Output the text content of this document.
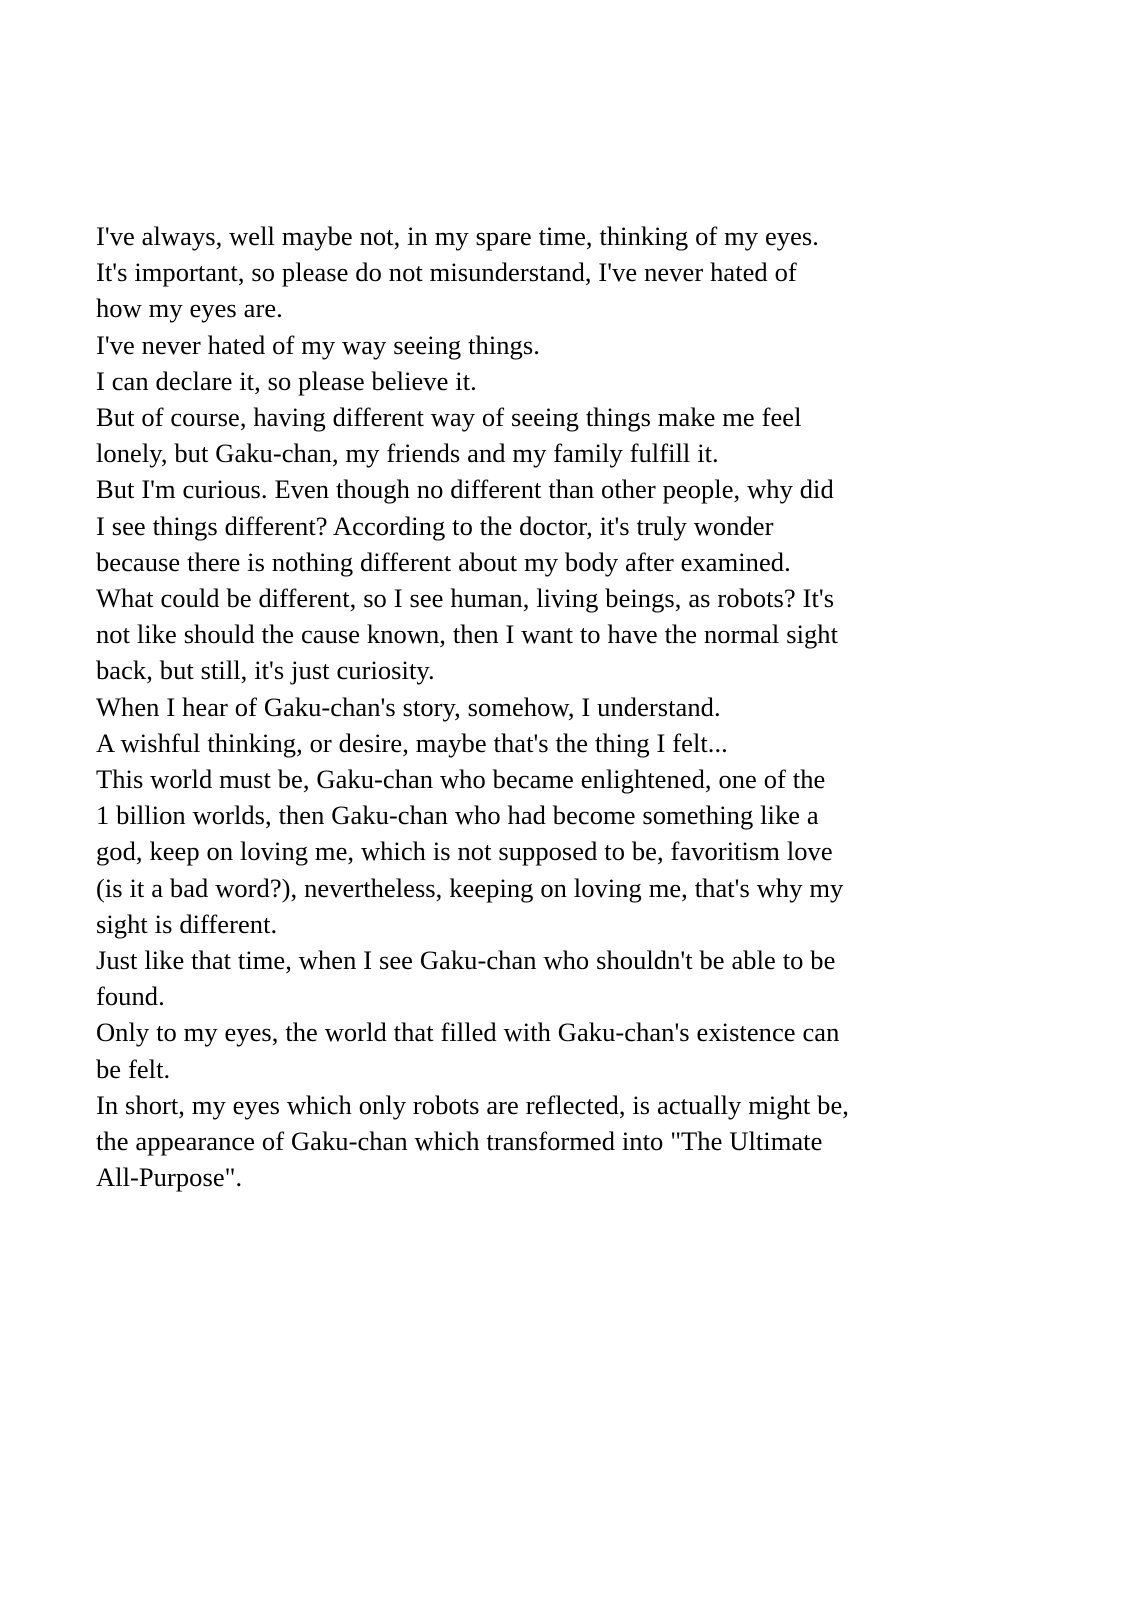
I've always, well maybe not, in my spare time, thinking of my eyes.
It's important, so please do not misunderstand, I've never hated of
how my eyes are.
I've never hated of my way seeing things.
I can declare it, so please believe it.
But of course, having different way of seeing things make me feel
lonely, but Gaku-chan, my friends and my family fulfill it.
But I'm curious. Even though no different than other people, why did
I see things different? According to the doctor, it's truly wonder
because there is nothing different about my body after examined.
What could be different, so I see human, living beings, as robots? It's
not like should the cause known, then I want to have the normal sight
back, but still, it's just curiosity.
When I hear of Gaku-chan's story, somehow, I understand.
A wishful thinking, or desire, maybe that's the thing I felt...
This world must be, Gaku-chan who became enlightened, one of the
1 billion worlds, then Gaku-chan who had become something like a
god, keep on loving me, which is not supposed to be, favoritism love
(is it a bad word?), nevertheless, keeping on loving me, that's why my
sight is different.
Just like that time, when I see Gaku-chan who shouldn't be able to be
found.
Only to my eyes, the world that filled with Gaku-chan's existence can
be felt.
In short, my eyes which only robots are reflected, is actually might be,
the appearance of Gaku-chan which transformed into "The Ultimate
All-Purpose".
